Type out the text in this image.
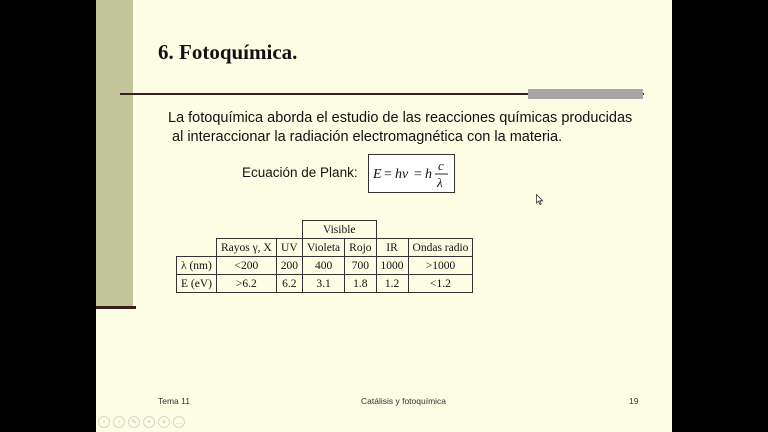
6. Fotoquímica.
La fotoquímica aborda el estudio de las reacciones químicas producidas
al interaccionar la radiación electromagnética con la materia.
Ecuación de Plank: E = hν = h
c
λ
			Visible			
	Rayos γ, X	UV	Violeta	Rojo	IR	Ondas radio
λ (nm)	<200	200	400	700	1000	>1000
E (eV)	>6.2	6.2	3.1	1.8	1.2	<1.2
Tema 11	Catálisis y fotoquímica	19
‹	›	✎	•	+	…
